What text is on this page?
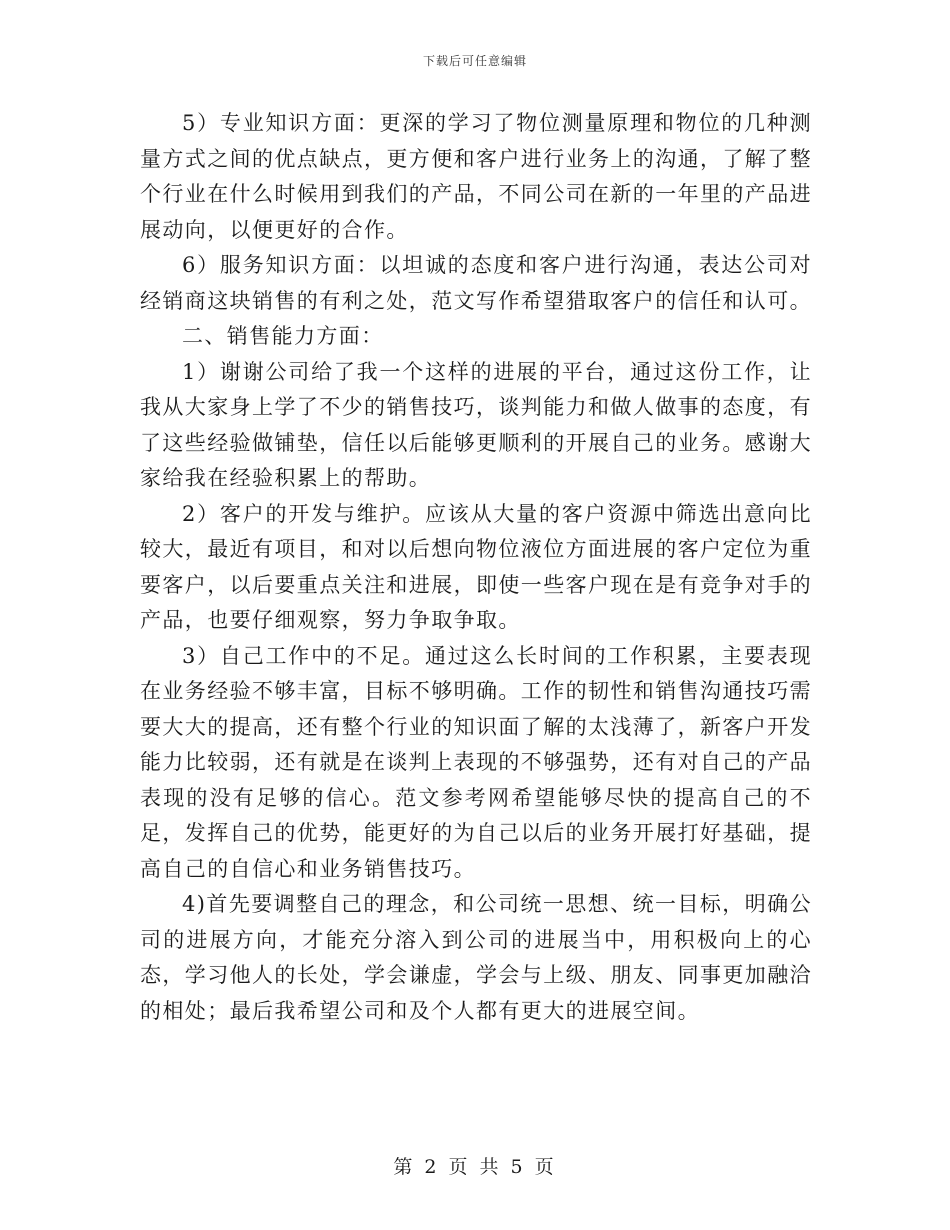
下载后可任意编辑

5）专业知识方面：更深的学习了物位测量原理和物位的几种测量方式之间的优点缺点，更方便和客户进行业务上的沟通，了解了整个行业在什么时候用到我们的产品，不同公司在新的一年里的产品进展动向，以便更好的合作。

6）服务知识方面：以坦诚的态度和客户进行沟通，表达公司对经销商这块销售的有利之处，范文写作希望猎取客户的信任和认可。

二、销售能力方面：

1）谢谢公司给了我一个这样的进展的平台，通过这份工作，让我从大家身上学了不少的销售技巧，谈判能力和做人做事的态度，有了这些经验做铺垫，信任以后能够更顺利的开展自己的业务。感谢大家给我在经验积累上的帮助。

2）客户的开发与维护。应该从大量的客户资源中筛选出意向比较大，最近有项目，和对以后想向物位液位方面进展的客户定位为重要客户，以后要重点关注和进展，即使一些客户现在是有竞争对手的产品，也要仔细观察，努力争取争取。

3）自己工作中的不足。通过这么长时间的工作积累，主要表现在业务经验不够丰富，目标不够明确。工作的韧性和销售沟通技巧需要大大的提高，还有整个行业的知识面了解的太浅薄了，新客户开发能力比较弱，还有就是在谈判上表现的不够强势，还有对自己的产品表现的没有足够的信心。范文参考网希望能够尽快的提高自己的不足，发挥自己的优势，能更好的为自己以后的业务开展打好基础，提高自己的自信心和业务销售技巧。

4)首先要调整自己的理念，和公司统一思想、统一目标，明确公司的进展方向，才能充分溶入到公司的进展当中，用积极向上的心态，学习他人的长处，学会谦虚，学会与上级、朋友、同事更加融洽的相处；最后我希望公司和及个人都有更大的进展空间。

第 2 页 共 5 页
